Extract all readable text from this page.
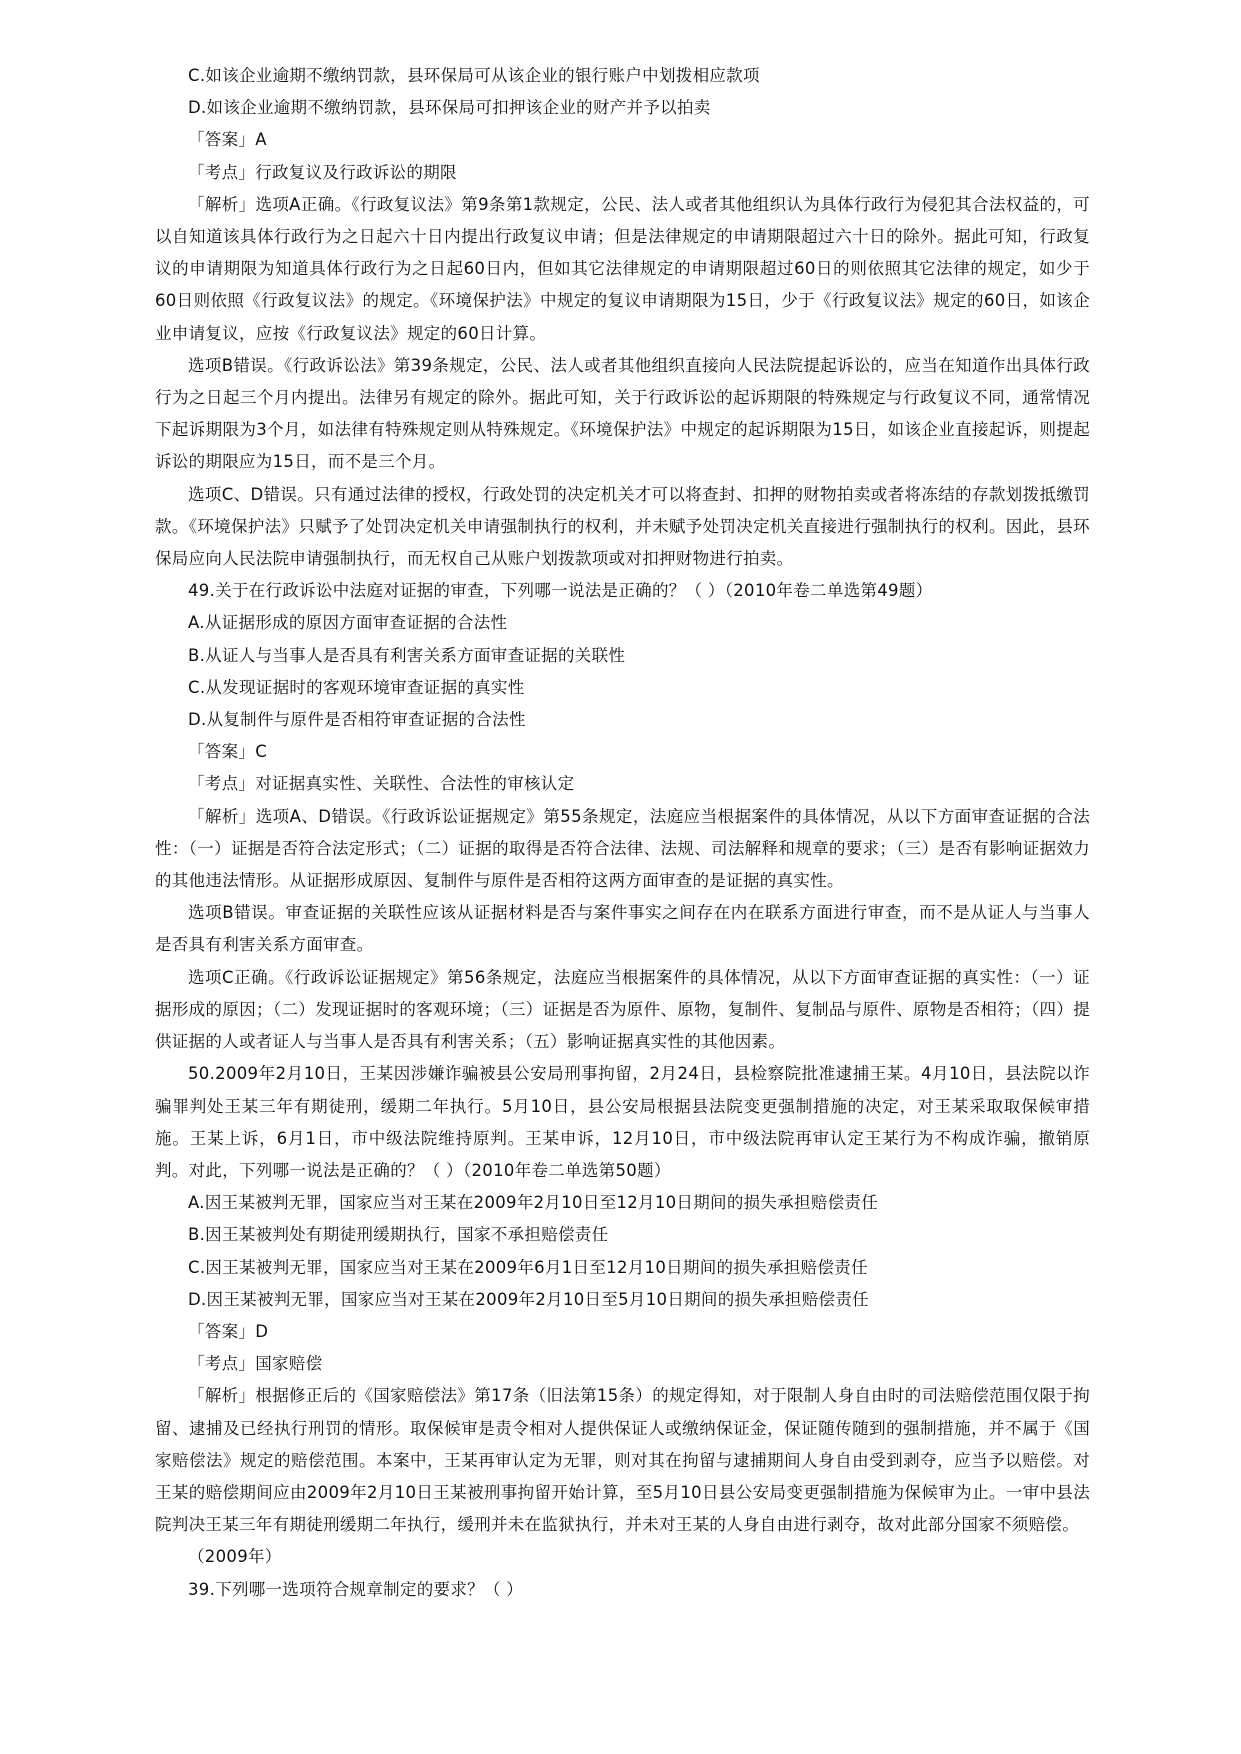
C.如该企业逾期不缴纳罚款，县环保局可从该企业的银行账户中划拨相应款项

D.如该企业逾期不缴纳罚款，县环保局可扣押该企业的财产并予以拍卖

「答案」A

「考点」行政复议及行政诉讼的期限

「解析」选项A正确。《行政复议法》第9条第1款规定，公民、法人或者其他组织认为具体行政行为侵犯其合法权益的，可以自知道该具体行政行为之日起六十日内提出行政复议申请；但是法律规定的申请期限超过六十日的除外。据此可知，行政复议的申请期限为知道具体行政行为之日起60日内，但如其它法律规定的申请期限超过60日的则依照其它法律的规定，如少于60日则依照《行政复议法》的规定。《环境保护法》中规定的复议申请期限为15日，少于《行政复议法》规定的60日，如该企业申请复议，应按《行政复议法》规定的60日计算。

选项B错误。《行政诉讼法》第39条规定，公民、法人或者其他组织直接向人民法院提起诉讼的，应当在知道作出具体行政行为之日起三个月内提出。法律另有规定的除外。据此可知，关于行政诉讼的起诉期限的特殊规定与行政复议不同，通常情况下起诉期限为3个月，如法律有特殊规定则从特殊规定。《环境保护法》中规定的起诉期限为15日，如该企业直接起诉，则提起诉讼的期限应为15日，而不是三个月。

选项C、D错误。只有通过法律的授权，行政处罚的决定机关才可以将查封、扣押的财物拍卖或者将冻结的存款划拨抵缴罚款。《环境保护法》只赋予了处罚决定机关申请强制执行的权利，并未赋予处罚决定机关直接进行强制执行的权利。因此，县环保局应向人民法院申请强制执行，而无权自己从账户划拨款项或对扣押财物进行拍卖。

49.关于在行政诉讼中法庭对证据的审查，下列哪一说法是正确的？（ ）（2010年卷二单选第49题）

A.从证据形成的原因方面审查证据的合法性

B.从证人与当事人是否具有利害关系方面审查证据的关联性

C.从发现证据时的客观环境审查证据的真实性

D.从复制件与原件是否相符审查证据的合法性

「答案」C

「考点」对证据真实性、关联性、合法性的审核认定

「解析」选项A、D错误。《行政诉讼证据规定》第55条规定，法庭应当根据案件的具体情况，从以下方面审查证据的合法性：（一）证据是否符合法定形式；（二）证据的取得是否符合法律、法规、司法解释和规章的要求；（三）是否有影响证据效力的其他违法情形。从证据形成原因、复制件与原件是否相符这两方面审查的是证据的真实性。

选项B错误。审查证据的关联性应该从证据材料是否与案件事实之间存在内在联系方面进行审查，而不是从证人与当事人是否具有利害关系方面审查。

选项C正确。《行政诉讼证据规定》第56条规定，法庭应当根据案件的具体情况，从以下方面审查证据的真实性：（一）证据形成的原因；（二）发现证据时的客观环境；（三）证据是否为原件、原物，复制件、复制品与原件、原物是否相符；（四）提供证据的人或者证人与当事人是否具有利害关系；（五）影响证据真实性的其他因素。

50.2009年2月10日，王某因涉嫌诈骗被县公安局刑事拘留，2月24日，县检察院批准逮捕王某。4月10日，县法院以诈骗罪判处王某三年有期徒刑，缓期二年执行。5月10日，县公安局根据县法院变更强制措施的决定，对王某采取取保候审措施。王某上诉，6月1日，市中级法院维持原判。王某申诉，12月10日，市中级法院再审认定王某行为不构成诈骗，撤销原判。对此，下列哪一说法是正确的？（ ）（2010年卷二单选第50题）

A.因王某被判无罪，国家应当对王某在2009年2月10日至12月10日期间的损失承担赔偿责任

B.因王某被判处有期徒刑缓期执行，国家不承担赔偿责任

C.因王某被判无罪，国家应当对王某在2009年6月1日至12月10日期间的损失承担赔偿责任

D.因王某被判无罪，国家应当对王某在2009年2月10日至5月10日期间的损失承担赔偿责任

「答案」D

「考点」国家赔偿

「解析」根据修正后的《国家赔偿法》第17条（旧法第15条）的规定得知，对于限制人身自由时的司法赔偿范围仅限于拘留、逮捕及已经执行刑罚的情形。取保候审是责令相对人提供保证人或缴纳保证金，保证随传随到的强制措施，并不属于《国家赔偿法》规定的赔偿范围。本案中，王某再审认定为无罪，则对其在拘留与逮捕期间人身自由受到剥夺，应当予以赔偿。对王某的赔偿期间应由2009年2月10日王某被刑事拘留开始计算，至5月10日县公安局变更强制措施为保候审为止。一审中县法院判决王某三年有期徒刑缓期二年执行，缓刑并未在监狱执行，并未对王某的人身自由进行剥夺，故对此部分国家不须赔偿。

（2009年）

39.下列哪一选项符合规章制定的要求？（ ）
